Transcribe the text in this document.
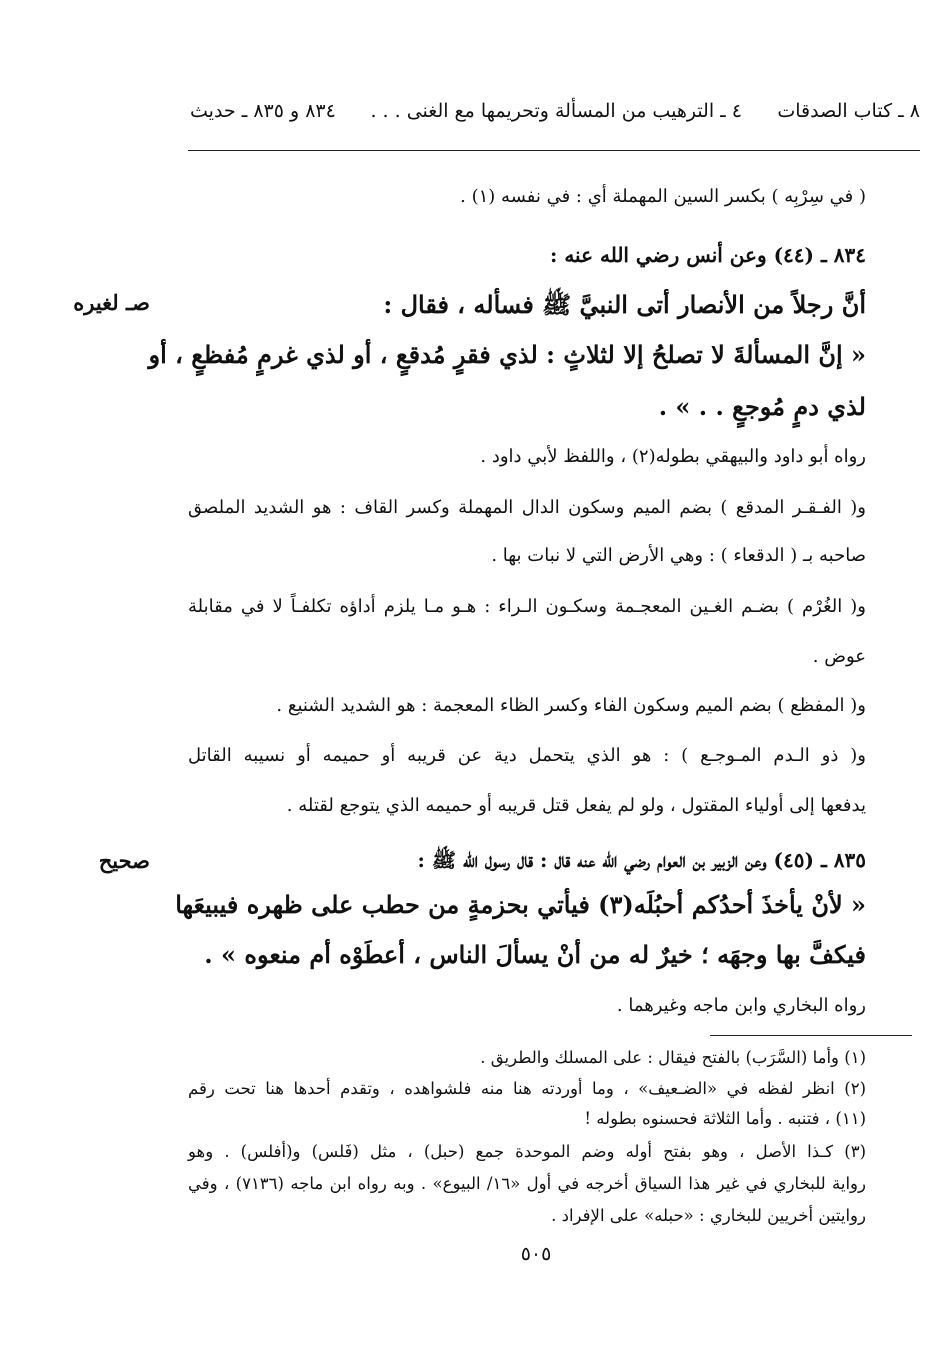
٨ ـ كتاب الصدقات
٤ ـ الترهيب من المسألة وتحريمها مع الغنى . . .
٨٣٤ و ٨٣٥ ـ حديث
صـ لغيره
صحيح
( في سِرْبِه ) بكسر السين المهملة أي : في نفسه (١) .
٨٣٤ ـ (٤٤) وعن أنس رضي الله عنه :
أنَّ رجلاً من الأنصار أتى النبيَّ ﷺ فسأله ، فقال :
« إنَّ المسألةَ لا تصلحُ إلا لثلاثٍ : لذي فقرٍ مُدقعٍ ، أو لذي غرمٍ مُفظعٍ ، أو
لذي دمٍ مُوجعٍ . . » .
رواه أبو داود والبيهقي بطوله(٢) ، واللفظ لأبي داود .
و( الفـقـر المدقع ) بضم الميم وسكون الدال المهملة وكسر القاف : هو الشديد الملصق
صاحبه بـ ( الدقعاء ) : وهي الأرض التي لا نبات بها .
و( الغُرْم ) بضـم الغـين المعجـمة وسكـون الـراء : هـو مـا يلزم أداؤه تكلفـاً لا في مقابلة
عوض .
و( المفظع ) بضم الميم وسكون الفاء وكسر الظاء المعجمة : هو الشديد الشنيع .
و( ذو الـدم المـوجـع ) : هو الذي يتحمل دية عن قريبه أو حميمه أو نسيبه القاتل
يدفعها إلى أولياء المقتول ، ولو لم يفعل قتل قريبه أو حميمه الذي يتوجع لقتله .
٨٣٥ ـ (٤٥) وعن الزبير بن العوام رضي الله عنه قال : قال رسول الله ﷺ :
« لأنْ يأخذَ أحدُكم أحبُلَه(٣) فيأتي بحزمةٍ من حطب على ظهره فيبيعَها
فيكفَّ بها وجهَه ؛ خيرٌ له من أنْ يسألَ الناس ، أعطَوْه أم منعوه » .
رواه البخاري وابن ماجه وغيرهما .
(١) وأما (السَّرَب) بالفتح فيقال : على المسلك والطريق .
(٢) انظر لفظه في «الضـعيف» ، وما أوردته هنا منه فلشواهده ، وتقدم أحدها هنا تحت رقم
(١١) ، فتنبه . وأما الثلاثة فحسنوه بطوله !
(٣) كـذا الأصل ، وهو بفتح أوله وضم الموحدة جمع (حبل) ، مثل (فَلس) و(أفلس) . وهو
رواية للبخاري في غير هذا السياق أخرجه في أول «١٦/ البيوع» . وبه رواه ابن ماجه (٧١٣٦) ، وفي
روايتين أخريين للبخاري : «حبله» على الإفراد .
٥٠٥
